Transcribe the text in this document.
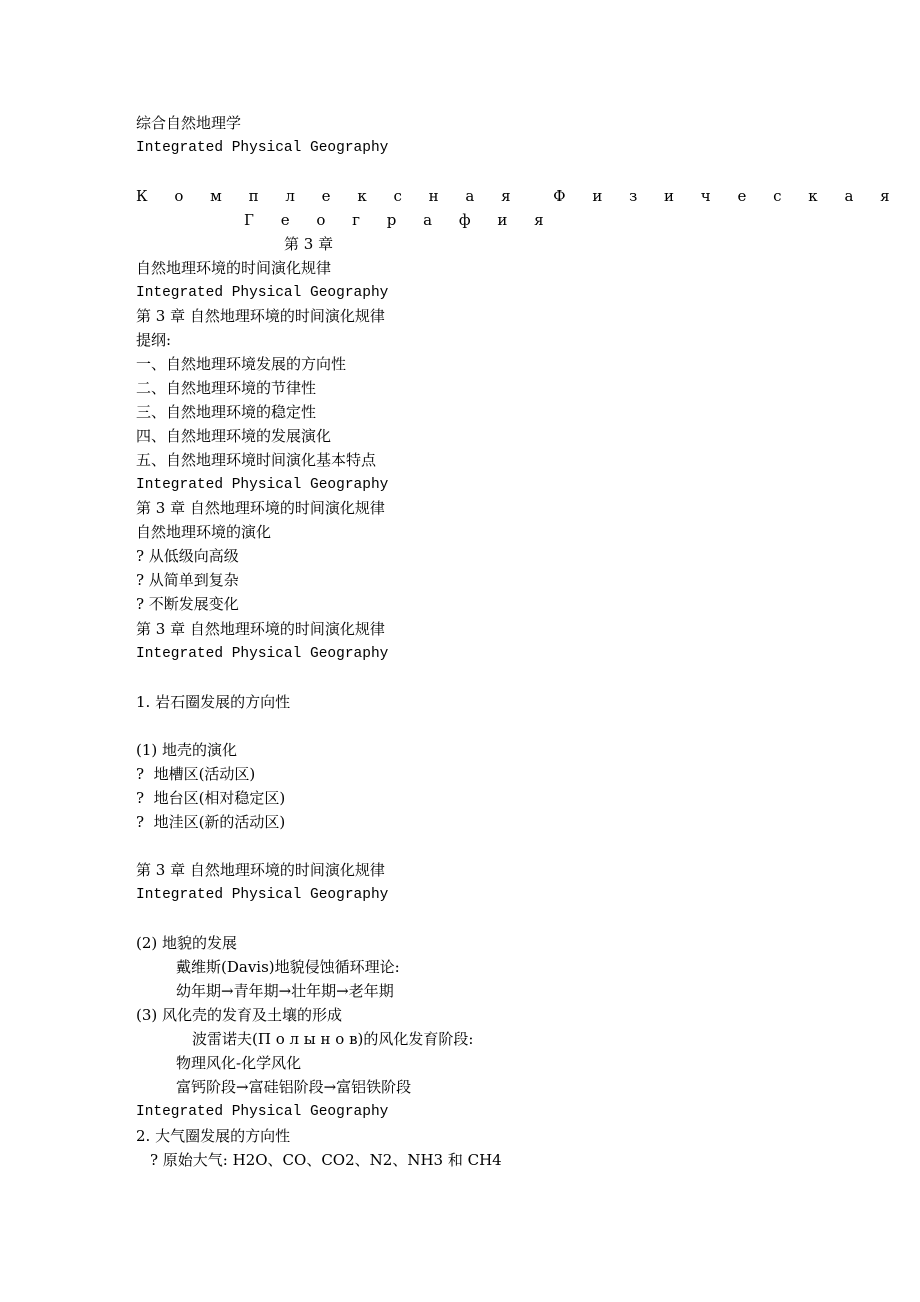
综合自然地理学
Integrated Physical Geography
К о м п л е к с н а я  Ф и з и ч е с к а я
Г е о г р а ф и я
第 3 章
自然地理环境的时间演化规律
Integrated Physical Geography
第 3 章 自然地理环境的时间演化规律
提纲:
一、自然地理环境发展的方向性
二、自然地理环境的节律性
三、自然地理环境的稳定性
四、自然地理环境的发展演化
五、自然地理环境时间演化基本特点
Integrated Physical Geography
第 3 章 自然地理环境的时间演化规律
自然地理环境的演化
? 从低级向高级
? 从简单到复杂
? 不断发展变化
第 3 章 自然地理环境的时间演化规律
Integrated Physical Geography
1. 岩石圈发展的方向性
(1) 地壳的演化
?  地槽区(活动区)
?  地台区(相对稳定区)
?  地洼区(新的活动区)
第 3 章 自然地理环境的时间演化规律
Integrated Physical Geography
(2) 地貌的发展
戴维斯(Davis)地貌侵蚀循环理论:
幼年期→青年期→壮年期→老年期
(3) 风化壳的发育及土壤的形成
波雷诺夫(П о л ы н о в)的风化发育阶段:
物理风化-化学风化
富钙阶段→富硅铝阶段→富铝铁阶段
Integrated Physical Geography
2. 大气圈发展的方向性
? 原始大气: H2O、CO、CO2、N2、NH3 和 CH4
